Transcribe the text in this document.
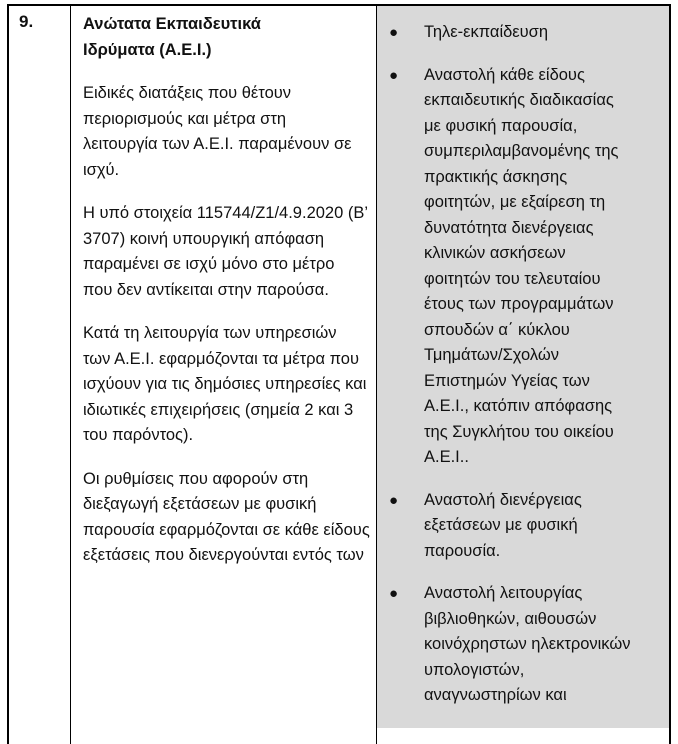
9.	Ανώτατα Εκπαιδευτικά Ιδρύματα (Α.Ε.Ι.)
Ειδικές διατάξεις που θέτουν περιορισμούς και μέτρα στη λειτουργία των Α.Ε.Ι. παραμένουν σε ισχύ.
Η υπό στοιχεία 115744/Ζ1/4.9.2020 (Β’ 3707) κοινή υπουργική απόφαση παραμένει σε ισχύ μόνο στο μέτρο που δεν αντίκειται στην παρούσα.
Κατά τη λειτουργία των υπηρεσιών των Α.Ε.Ι. εφαρμόζονται τα μέτρα που ισχύουν για τις δημόσιες υπηρεσίες και ιδιωτικές επιχειρήσεις (σημεία 2 και 3 του παρόντος).
Οι ρυθμίσεις που αφορούν στη διεξαγωγή εξετάσεων με φυσική παρουσία εφαρμόζονται σε κάθε είδους εξετάσεις που διενεργούνται εντός των
● Τηλε-εκπαίδευση
● Αναστολή κάθε είδους εκπαιδευτικής διαδικασίας με φυσική παρουσία, συμπεριλαμβανομένης της πρακτικής άσκησης φοιτητών, με εξαίρεση τη δυνατότητα διενέργειας κλινικών ασκήσεων φοιτητών του τελευταίου έτους των προγραμμάτων σπουδών α΄ κύκλου Τμημάτων/Σχολών Επιστημών Υγείας των Α.Ε.Ι., κατόπιν απόφασης της Συγκλήτου του οικείου Α.Ε.Ι..
● Αναστολή διενέργειας εξετάσεων με φυσική παρουσία.
● Αναστολή λειτουργίας βιβλιοθηκών, αιθουσών κοινόχρηστων ηλεκτρονικών υπολογιστών, αναγνωστηρίων και
